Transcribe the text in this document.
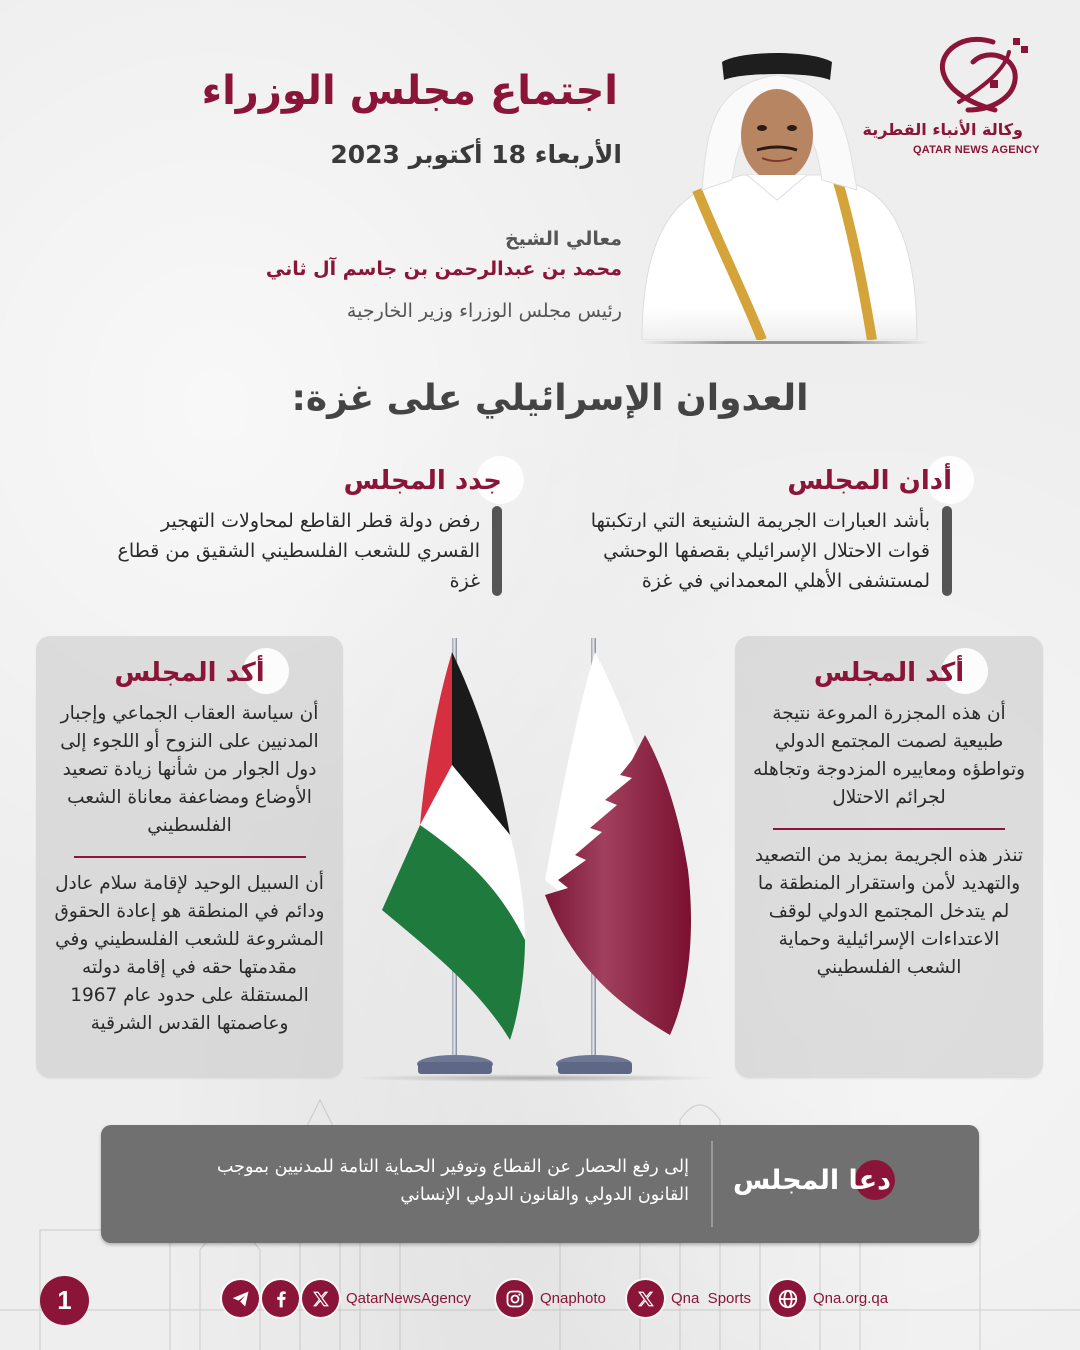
وكالة الأنباء القطرية
QATAR NEWS AGENCY
اجتماع مجلس الوزراء
الأربعاء 18 أكتوبر 2023
معالي الشيخ
محمد بن عبدالرحمن بن جاسم آل ثاني
رئيس مجلس الوزراء وزير الخارجية
العدوان الإسرائيلي على غزة:
أدان المجلس
بأشد العبارات الجريمة الشنيعة التي ارتكبتها قوات الاحتلال الإسرائيلي بقصفها الوحشي لمستشفى الأهلي المعمداني في غزة
جدد المجلس
رفض دولة قطر القاطع لمحاولات التهجير القسري للشعب الفلسطيني الشقيق من قطاع غزة
أكد المجلس
أن هذه المجزرة المروعة نتيجة طبيعية لصمت المجتمع الدولي وتواطؤه ومعاييره المزدوجة وتجاهله لجرائم الاحتلال
تنذر هذه الجريمة بمزيد من التصعيد والتهديد لأمن واستقرار المنطقة ما لم يتدخل المجتمع الدولي لوقف الاعتداءات الإسرائيلية وحماية الشعب الفلسطيني
أكد المجلس
أن سياسة العقاب الجماعي وإجبار المدنيين على النزوح أو اللجوء إلى دول الجوار من شأنها زيادة تصعيد الأوضاع ومضاعفة معاناة الشعب الفلسطيني
أن السبيل الوحيد لإقامة سلام عادل ودائم في المنطقة هو إعادة الحقوق المشروعة للشعب الفلسطيني وفي مقدمتها حقه في إقامة دولته المستقلة على حدود عام 1967 وعاصمتها القدس الشرقية
دعا المجلس
إلى رفع الحصار عن القطاع وتوفير الحماية التامة للمدنيين بموجب القانون الدولي والقانون الدولي الإنساني
1	QatarNewsAgency	Qnaphoto	Qna  Sports	Qna.org.qa
